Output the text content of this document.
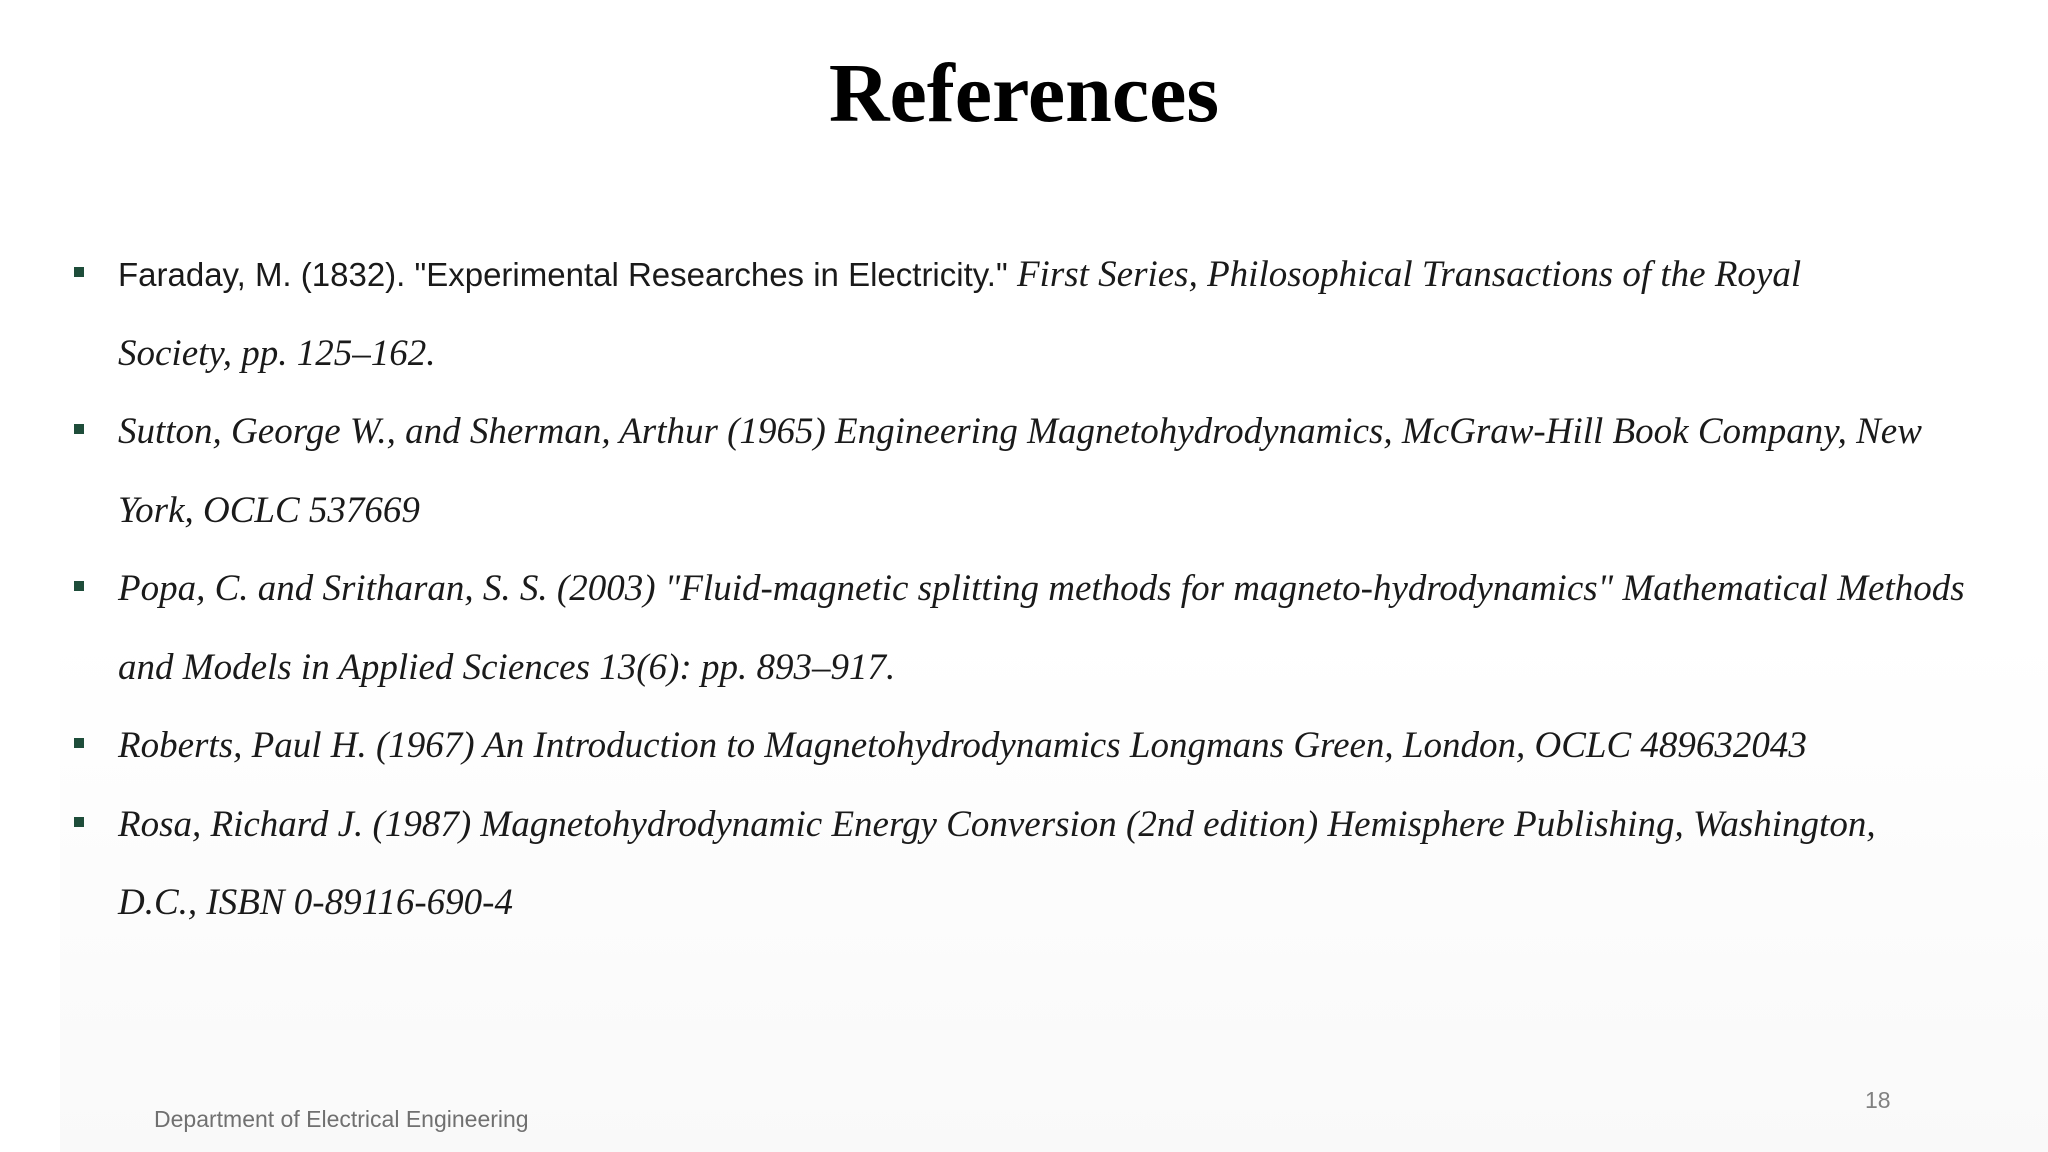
References
Faraday, M. (1832). "Experimental Researches in Electricity." First Series, Philosophical Transactions of the Royal
Society, pp. 125–162.
Sutton, George W., and Sherman, Arthur (1965) Engineering Magnetohydrodynamics, McGraw-Hill Book Company, New
York, OCLC 537669
Popa, C. and Sritharan, S. S. (2003) "Fluid-magnetic splitting methods for magneto-hydrodynamics" Mathematical Methods
and Models in Applied Sciences 13(6): pp. 893–917.
Roberts, Paul H. (1967) An Introduction to Magnetohydrodynamics Longmans Green, London, OCLC 489632043
Rosa, Richard J. (1987) Magnetohydrodynamic Energy Conversion (2nd edition) Hemisphere Publishing, Washington,
D.C., ISBN 0-89116-690-4
Department of Electrical Engineering
18
